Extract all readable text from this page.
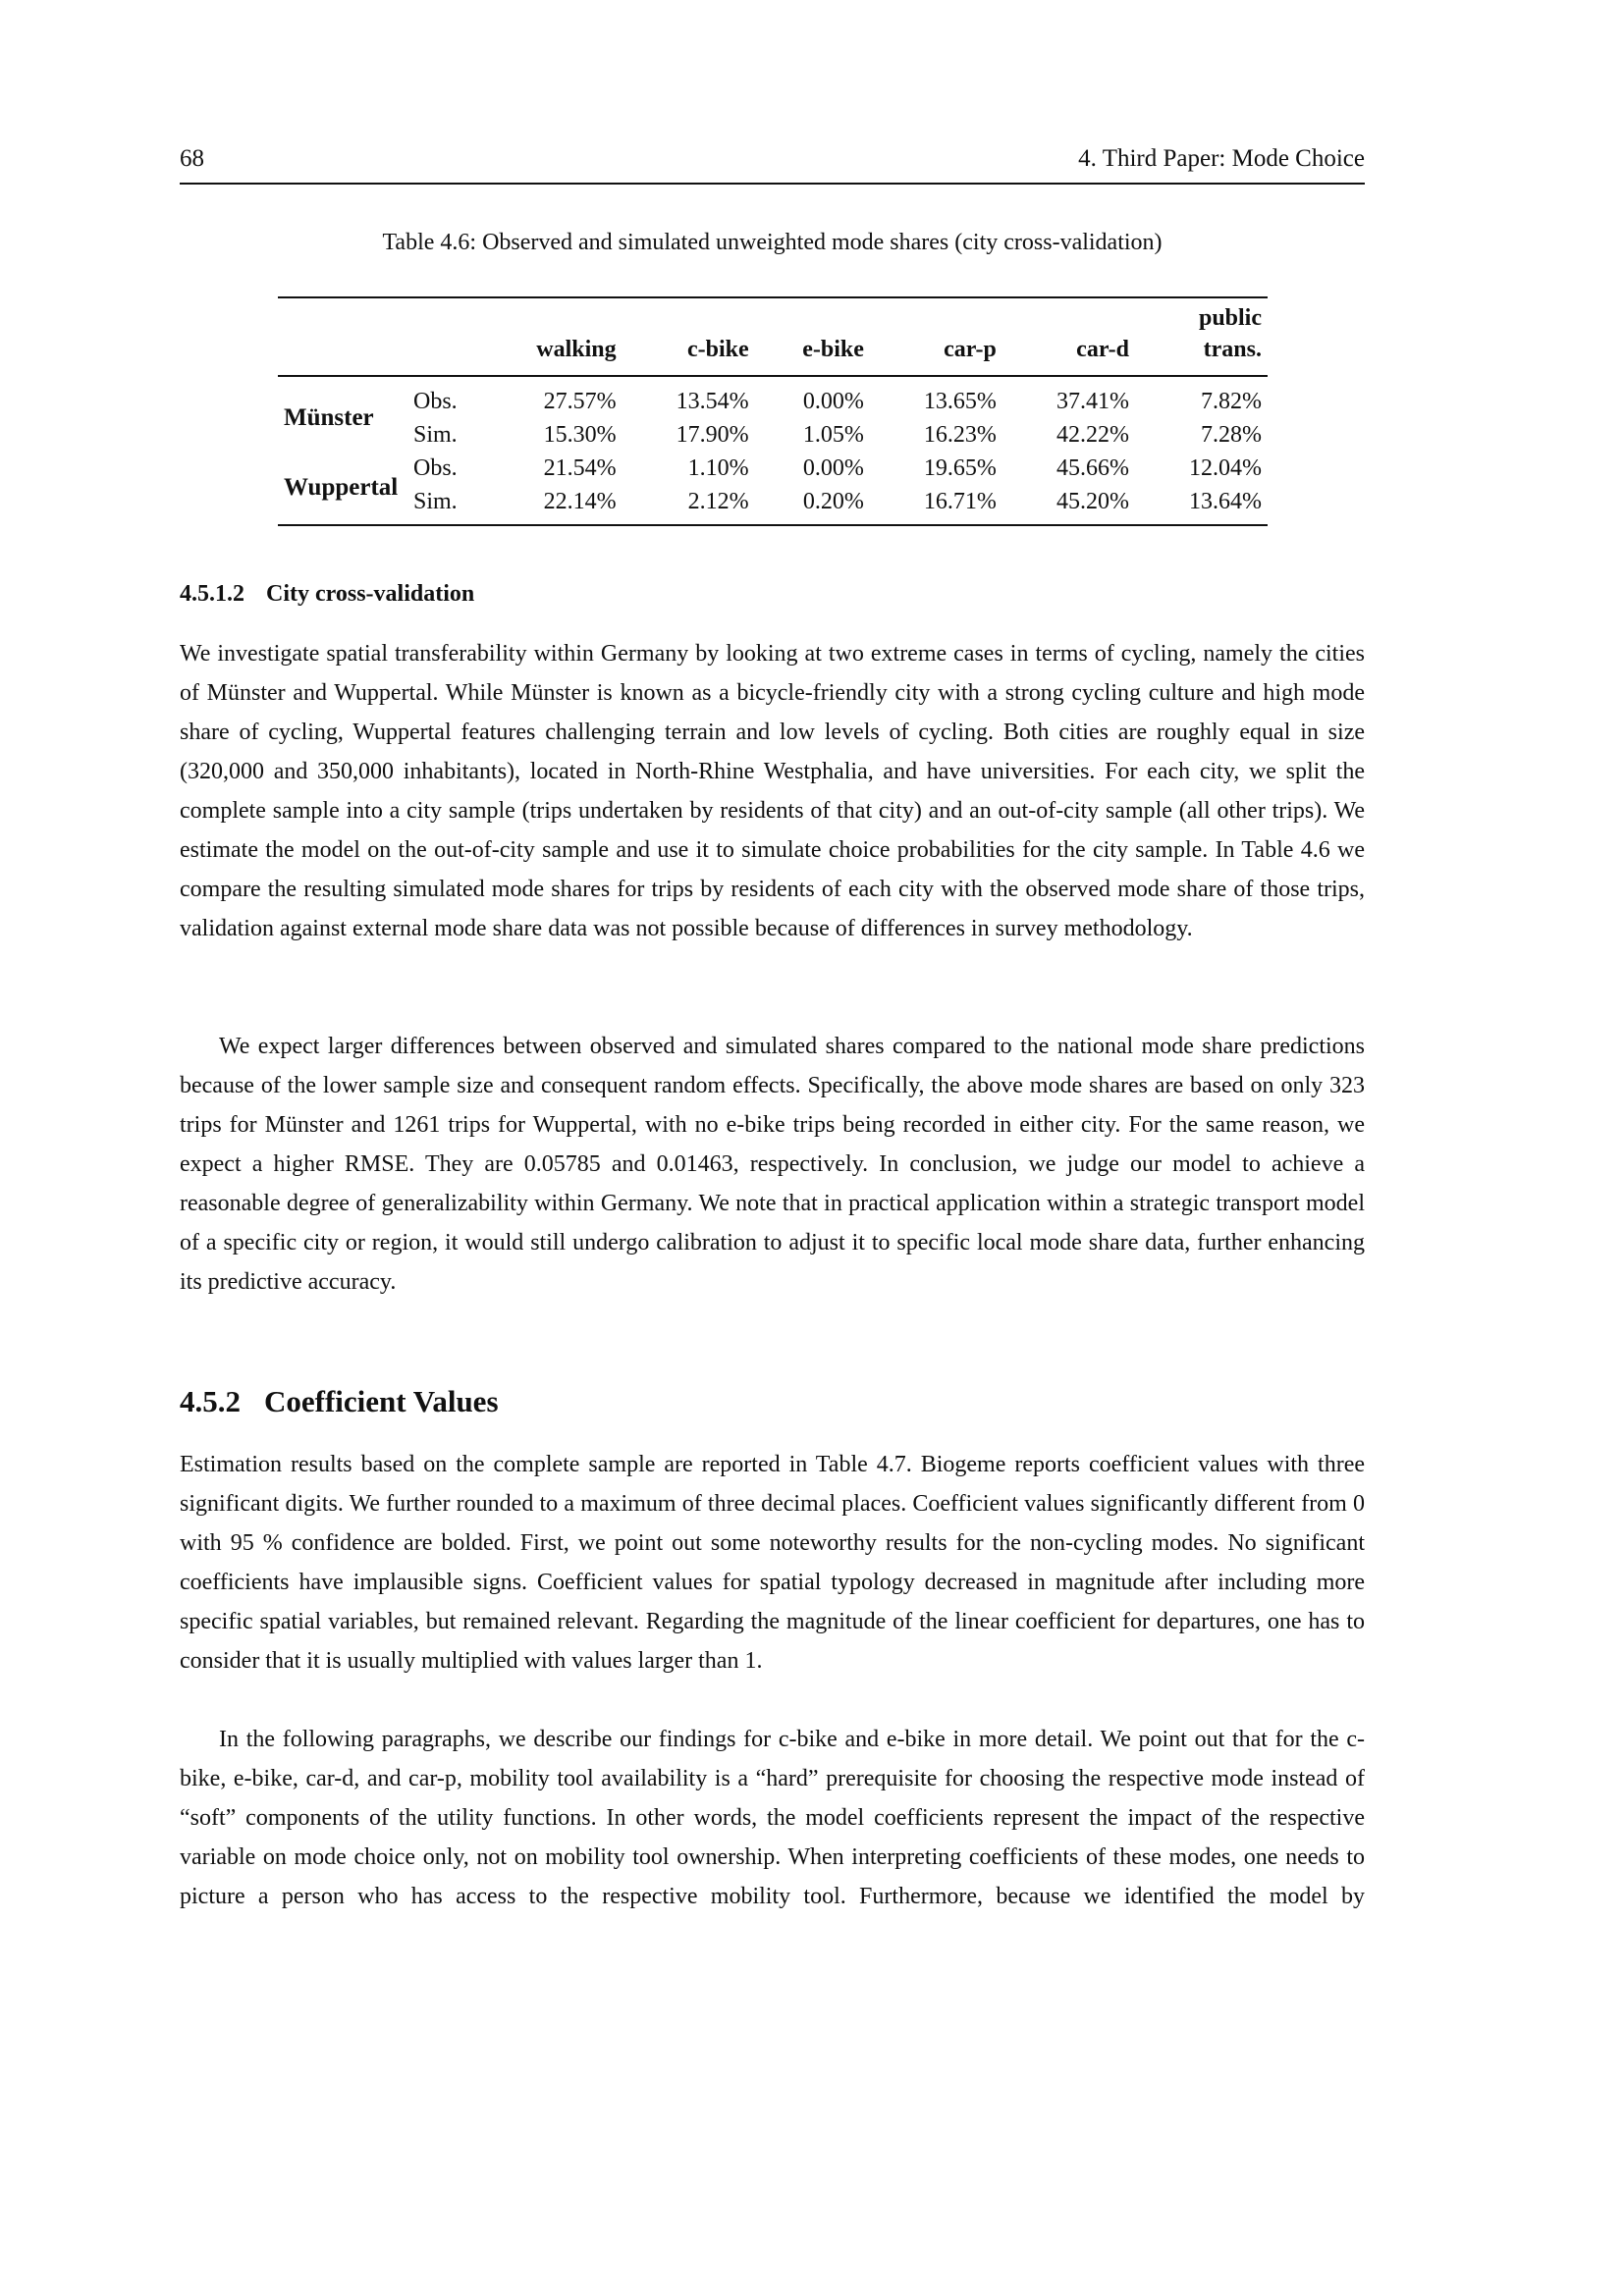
68	4. Third Paper: Mode Choice
Table 4.6: Observed and simulated unweighted mode shares (city cross-validation)
		walking	c-bike	e-bike	car-p	car-d	public
trans.
Münster	Obs.	27.57%	13.54%	0.00%	13.65%	37.41%	7.82%
	Sim.	15.30%	17.90%	1.05%	16.23%	42.22%	7.28%
Wuppertal	Obs.	21.54%	1.10%	0.00%	19.65%	45.66%	12.04%
	Sim.	22.14%	2.12%	0.20%	16.71%	45.20%	13.64%
4.5.1.2 City cross-validation

We investigate spatial transferability within Germany by looking at two extreme cases in terms of cycling, namely the cities of Münster and Wuppertal. While Münster is known as a bicycle-friendly city with a strong cycling culture and high mode share of cycling, Wuppertal features challenging terrain and low levels of cycling. Both cities are roughly equal in size (320,000 and 350,000 inhabitants), located in North-Rhine Westphalia, and have universities. For each city, we split the complete sample into a city sample (trips undertaken by residents of that city) and an out-of-city sample (all other trips). We estimate the model on the out-of-city sample and use it to simulate choice probabilities for the city sample. In Table 4.6 we compare the resulting simulated mode shares for trips by residents of each city with the observed mode share of those trips, validation against external mode share data was not possible because of differences in survey methodology.

We expect larger differences between observed and simulated shares compared to the national mode share predictions because of the lower sample size and consequent random effects. Specifically, the above mode shares are based on only 323 trips for Münster and 1261 trips for Wuppertal, with no e-bike trips being recorded in either city. For the same reason, we expect a higher RMSE. They are 0.05785 and 0.01463, respectively. In conclusion, we judge our model to achieve a reasonable degree of generalizability within Germany. We note that in practical application within a strategic transport model of a specific city or region, it would still undergo calibration to adjust it to specific local mode share data, further enhancing its predictive accuracy.

4.5.2 Coefficient Values

Estimation results based on the complete sample are reported in Table 4.7. Biogeme reports coefficient values with three significant digits. We further rounded to a maximum of three decimal places. Coefficient values significantly different from 0 with 95 % confidence are bolded. First, we point out some noteworthy results for the non-cycling modes. No significant coefficients have implausible signs. Coefficient values for spatial typology decreased in magnitude after including more specific spatial variables, but remained relevant. Regarding the magnitude of the linear coefficient for departures, one has to consider that it is usually multiplied with values larger than 1.

In the following paragraphs, we describe our findings for c-bike and e-bike in more detail. We point out that for the c-bike, e-bike, car-d, and car-p, mobility tool availability is a “hard” prerequisite for choosing the respective mode instead of “soft” components of the utility functions. In other words, the model coefficients represent the impact of the respective variable on mode choice only, not on mobility tool ownership. When interpreting coefficients of these modes, one needs to picture a person who has access to the respective mobility tool. Furthermore, because we identified the model by
